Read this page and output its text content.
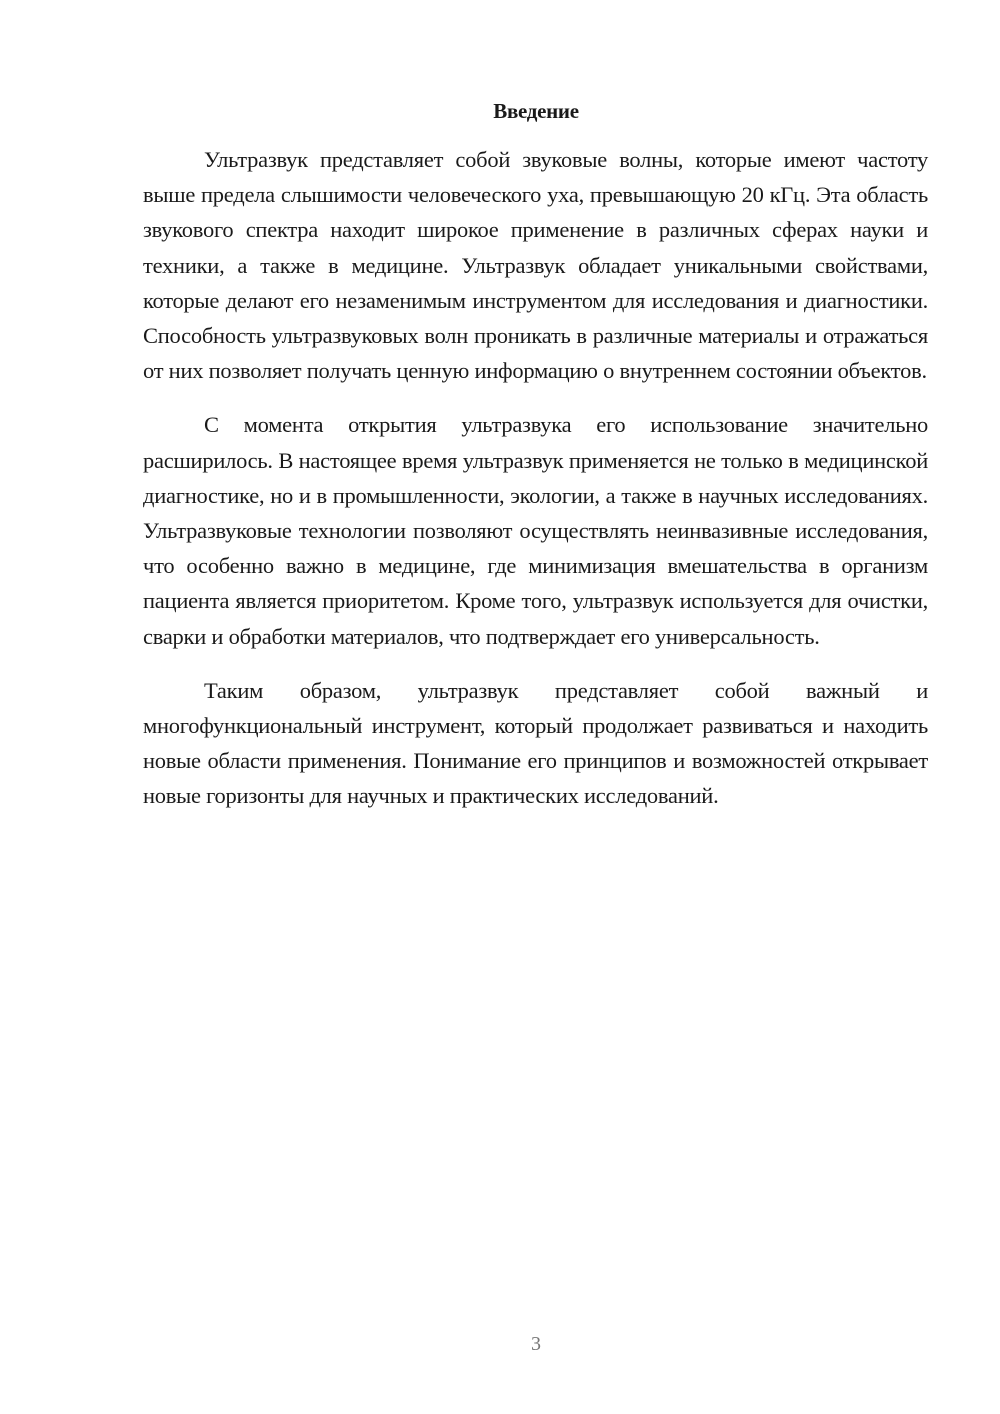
Введение

Ультразвук представляет собой звуковые волны, которые имеют частоту выше предела слышимости человеческого уха, превышающую 20 кГц. Эта область звукового спектра находит широкое применение в различных сферах науки и техники, а также в медицине. Ультразвук обладает уникальными свойствами, которые делают его незаменимым инструментом для исследования и диагностики. Способность ультразвуковых волн проникать в различные материалы и отражаться от них позволяет получать ценную информацию о внутреннем состоянии объектов.

С момента открытия ультразвука его использование значительно расширилось. В настоящее время ультразвук применяется не только в медицинской диагностике, но и в промышленности, экологии, а также в научных исследованиях. Ультразвуковые технологии позволяют осуществлять неинвазивные исследования, что особенно важно в медицине, где минимизация вмешательства в организм пациента является приоритетом. Кроме того, ультразвук используется для очистки, сварки и обработки материалов, что подтверждает его универсальность.

Таким образом, ультразвук представляет собой важный и многофункциональный инструмент, который продолжает развиваться и находить новые области применения. Понимание его принципов и возможностей открывает новые горизонты для научных и практических исследований.

3
